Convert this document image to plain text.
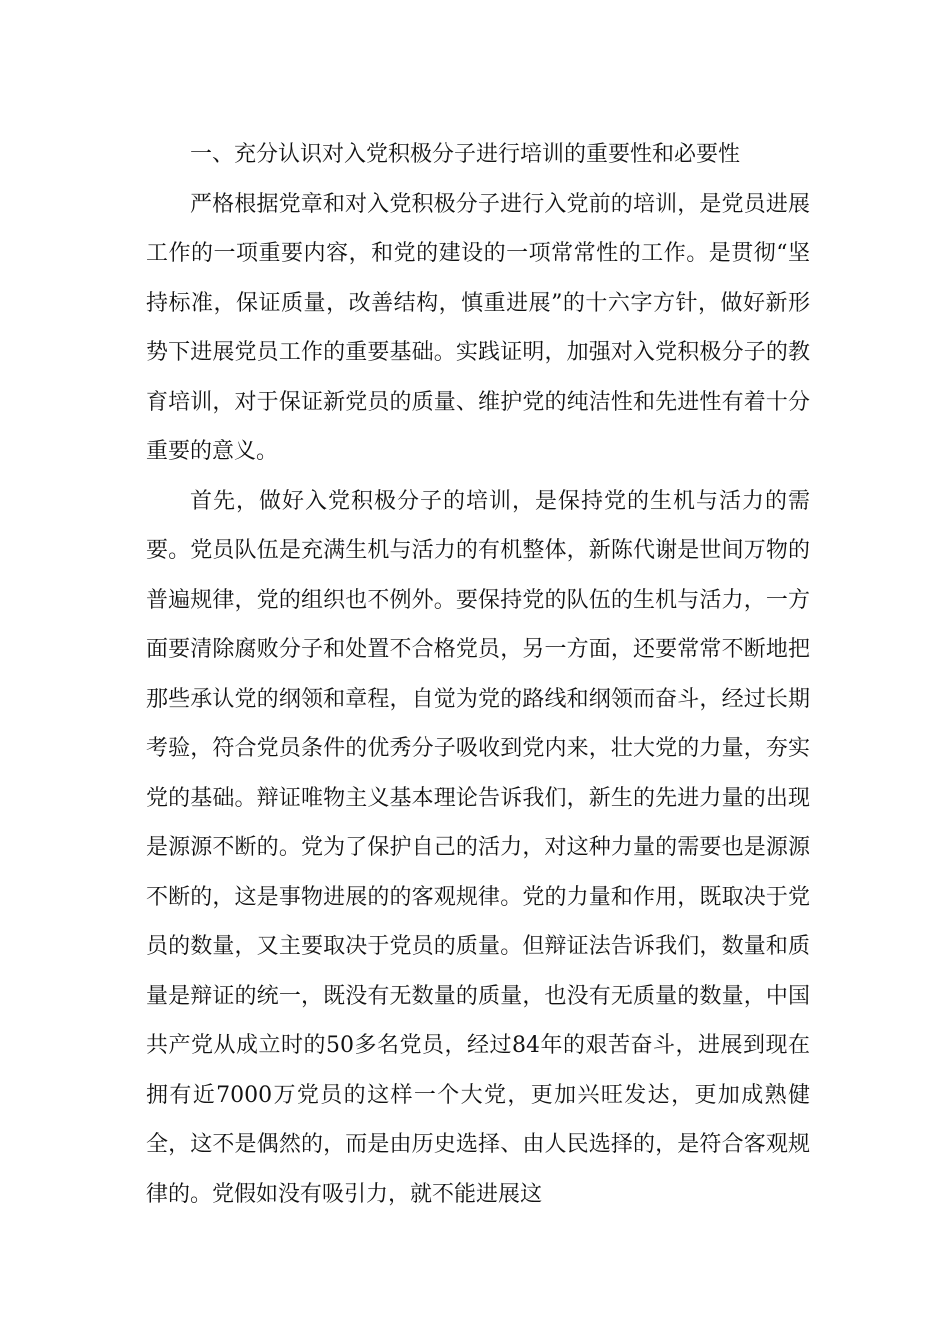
一、充分认识对入党积极分子进行培训的重要性和必要性

严格根据党章和对入党积极分子进行入党前的培训，是党员进展工作的一项重要内容，和党的建设的一项常常性的工作。是贯彻“坚持标准，保证质量，改善结构，慎重进展”的十六字方针，做好新形势下进展党员工作的重要基础。实践证明，加强对入党积极分子的教育培训，对于保证新党员的质量、维护党的纯洁性和先进性有着十分重要的意义。

首先，做好入党积极分子的培训，是保持党的生机与活力的需要。党员队伍是充满生机与活力的有机整体，新陈代谢是世间万物的普遍规律，党的组织也不例外。要保持党的队伍的生机与活力，一方面要清除腐败分子和处置不合格党员，另一方面，还要常常不断地把那些承认党的纲领和章程，自觉为党的路线和纲领而奋斗，经过长期考验，符合党员条件的优秀分子吸收到党内来，壮大党的力量，夯实党的基础。辩证唯物主义基本理论告诉我们，新生的先进力量的出现是源源不断的。党为了保护自己的活力，对这种力量的需要也是源源不断的，这是事物进展的的客观规律。党的力量和作用，既取决于党员的数量，又主要取决于党员的质量。但辩证法告诉我们，数量和质量是辩证的统一，既没有无数量的质量，也没有无质量的数量，中国共产党从成立时的50多名党员，经过84年的艰苦奋斗，进展到现在拥有近7000万党员的这样一个大党，更加兴旺发达，更加成熟健全，这不是偶然的，而是由历史选择、由人民选择的，是符合客观规律的。党假如没有吸引力，就不能进展这
